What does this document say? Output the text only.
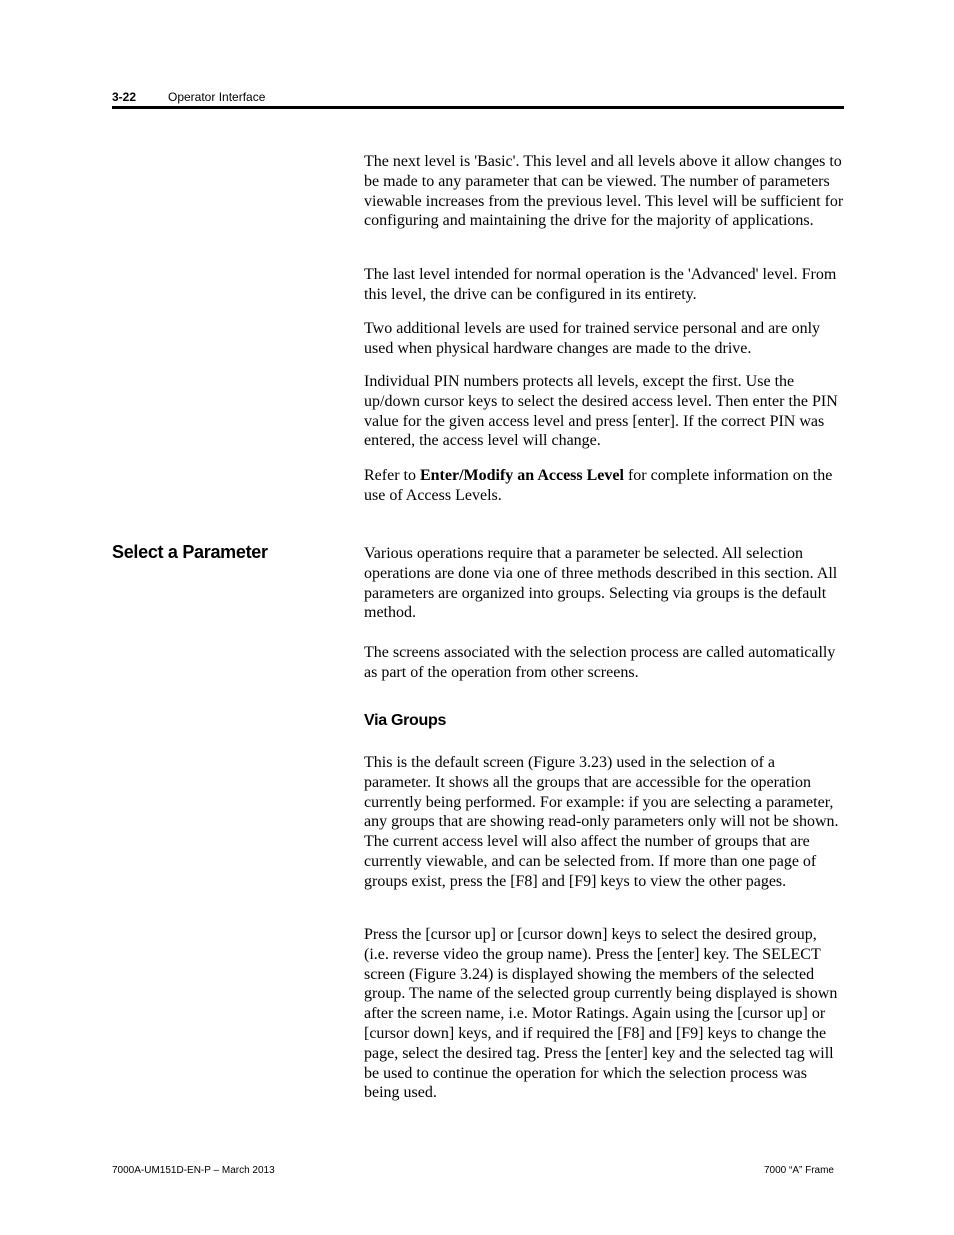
3-22	Operator Interface

The next level is 'Basic'. This level and all levels above it allow changes to be made to any parameter that can be viewed. The number of parameters viewable increases from the previous level. This level will be sufficient for configuring and maintaining the drive for the majority of applications.

The last level intended for normal operation is the 'Advanced' level. From this level, the drive can be configured in its entirety.

Two additional levels are used for trained service personal and are only used when physical hardware changes are made to the drive.

Individual PIN numbers protects all levels, except the first. Use the up/down cursor keys to select the desired access level. Then enter the PIN value for the given access level and press [enter]. If the correct PIN was entered, the access level will change.

Refer to Enter/Modify an Access Level for complete information on the use of Access Levels.

Select a Parameter	Various operations require that a parameter be selected. All selection operations are done via one of three methods described in this section. All parameters are organized into groups. Selecting via groups is the default method.

The screens associated with the selection process are called automatically as part of the operation from other screens.

Via Groups

This is the default screen (Figure 3.23) used in the selection of a parameter. It shows all the groups that are accessible for the operation currently being performed. For example: if you are selecting a parameter, any groups that are showing read-only parameters only will not be shown. The current access level will also affect the number of groups that are currently viewable, and can be selected from. If more than one page of groups exist, press the [F8] and [F9] keys to view the other pages.

Press the [cursor up] or [cursor down] keys to select the desired group, (i.e. reverse video the group name). Press the [enter] key. The SELECT screen (Figure 3.24) is displayed showing the members of the selected group. The name of the selected group currently being displayed is shown after the screen name, i.e. Motor Ratings. Again using the [cursor up] or [cursor down] keys, and if required the [F8] and [F9] keys to change the page, select the desired tag. Press the [enter] key and the selected tag will be used to continue the operation for which the selection process was being used.

7000A-UM151D-EN-P – March 2013	7000 “A” Frame
